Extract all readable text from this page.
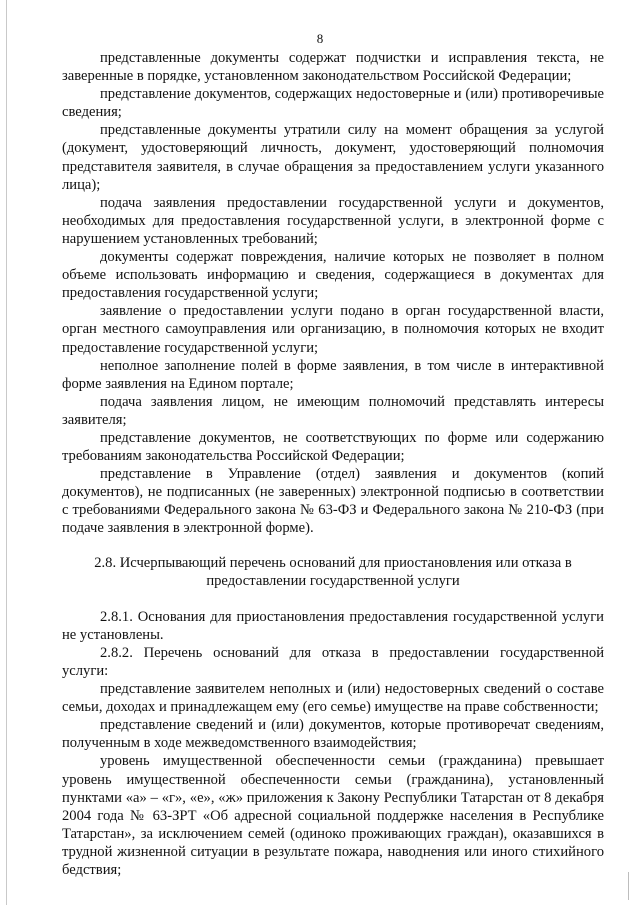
8

представленные документы содержат подчистки и исправления текста, не заверенные в порядке, установленном законодательством Российской Федерации;

представление документов, содержащих недостоверные и (или) противоречивые сведения;

представленные документы утратили силу на момент обращения за услугой (документ, удостоверяющий личность, документ, удостоверяющий полномочия представителя заявителя, в случае обращения за предоставлением услуги указанного лица);

подача заявления предоставлении государственной услуги и документов, необходимых для предоставления государственной услуги, в электронной форме с нарушением установленных требований;

документы содержат повреждения, наличие которых не позволяет в полном объеме использовать информацию и сведения, содержащиеся в документах для предоставления государственной услуги;

заявление о предоставлении услуги подано в орган государственной власти, орган местного самоуправления или организацию, в полномочия которых не входит предоставление государственной услуги;

неполное заполнение полей в форме заявления, в том числе в интерактивной форме заявления на Едином портале;

подача заявления лицом, не имеющим полномочий представлять интересы заявителя;

представление документов, не соответствующих по форме или содержанию требованиям законодательства Российской Федерации;

представление в Управление (отдел) заявления и документов (копий документов), не подписанных (не заверенных) электронной подписью в соответствии с требованиями Федерального закона № 63-ФЗ и Федерального закона № 210-ФЗ (при подаче заявления в электронной форме).

2.8. Исчерпывающий перечень оснований для приостановления или отказа в предоставлении государственной услуги

2.8.1. Основания для приостановления предоставления государственной услуги не установлены.

2.8.2. Перечень оснований для отказа в предоставлении государственной услуги:

представление заявителем неполных и (или) недостоверных сведений о составе семьи, доходах и принадлежащем ему (его семье) имуществе на праве собственности;

представление сведений и (или) документов, которые противоречат сведениям, полученным в ходе межведомственного взаимодействия;

уровень имущественной обеспеченности семьи (гражданина) превышает уровень имущественной обеспеченности семьи (гражданина), установленный пунктами «а» – «г», «е», «ж» приложения к Закону Республики Татарстан от 8 декабря 2004 года № 63-ЗРТ «Об адресной социальной поддержке населения в Республике Татарстан», за исключением семей (одиноко проживающих граждан), оказавшихся в трудной жизненной ситуации в результате пожара, наводнения или иного стихийного бедствия;
